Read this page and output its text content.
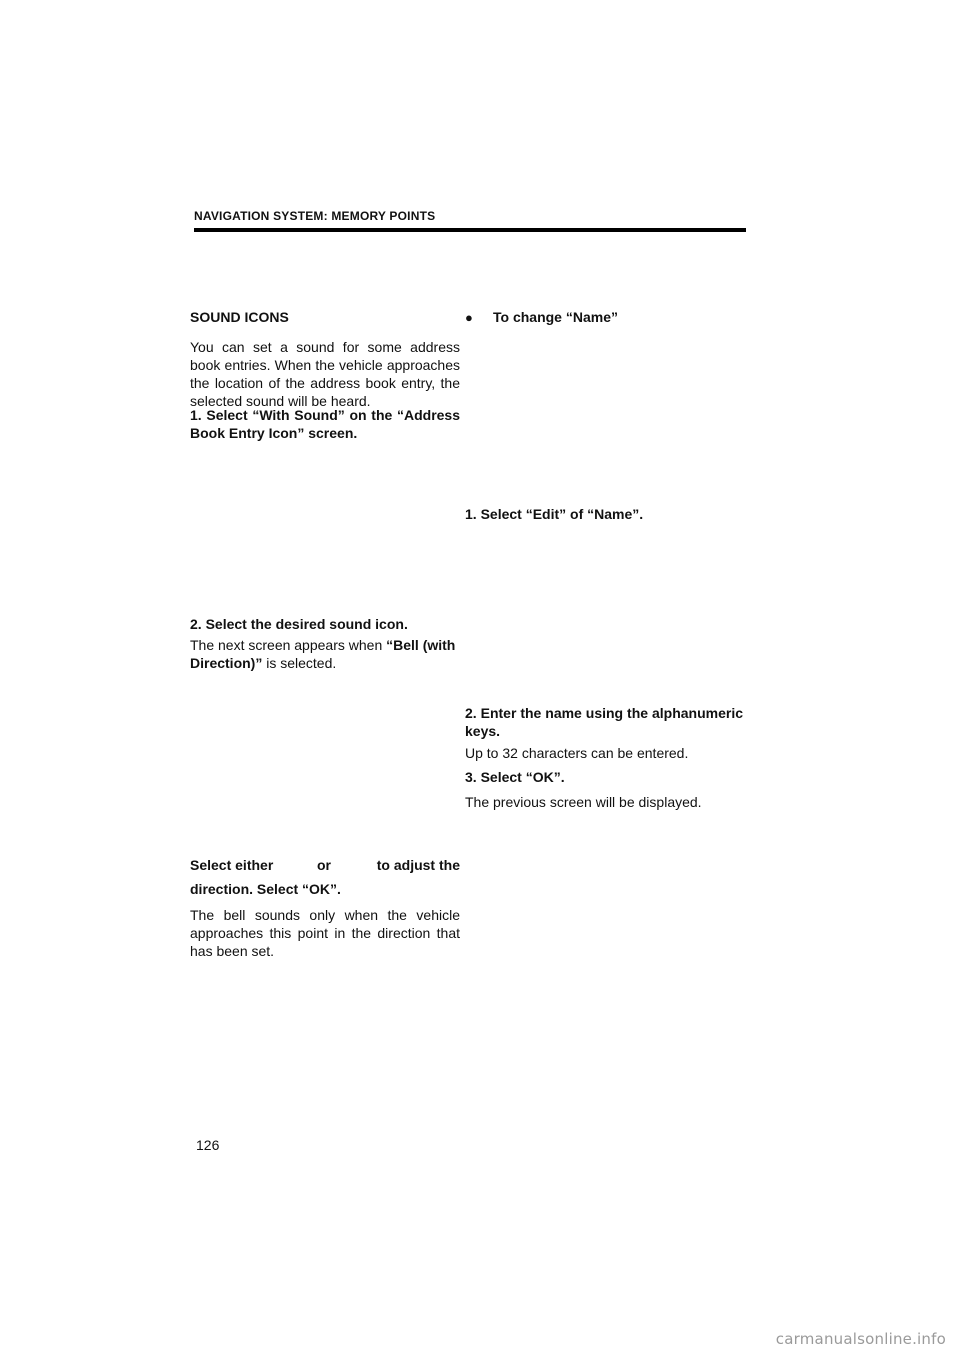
NAVIGATION SYSTEM: MEMORY POINTS

SOUND ICONS

You can set a sound for some address book entries. When the vehicle approaches the location of the address book entry, the selected sound will be heard.

1. Select “With Sound” on the “Address Book Entry Icon” screen.

2. Select the desired sound icon.

The next screen appears when “Bell (with Direction)” is selected.

Select either	or	to adjust the

direction. Select “OK”.

The bell sounds only when the vehicle approaches this point in the direction that has been set.

● To change “Name”

1. Select “Edit” of “Name”.

2. Enter the name using the alphanumeric keys.

Up to 32 characters can be entered.

3. Select “OK”.

The previous screen will be displayed.

126
carmanualsonline.info
